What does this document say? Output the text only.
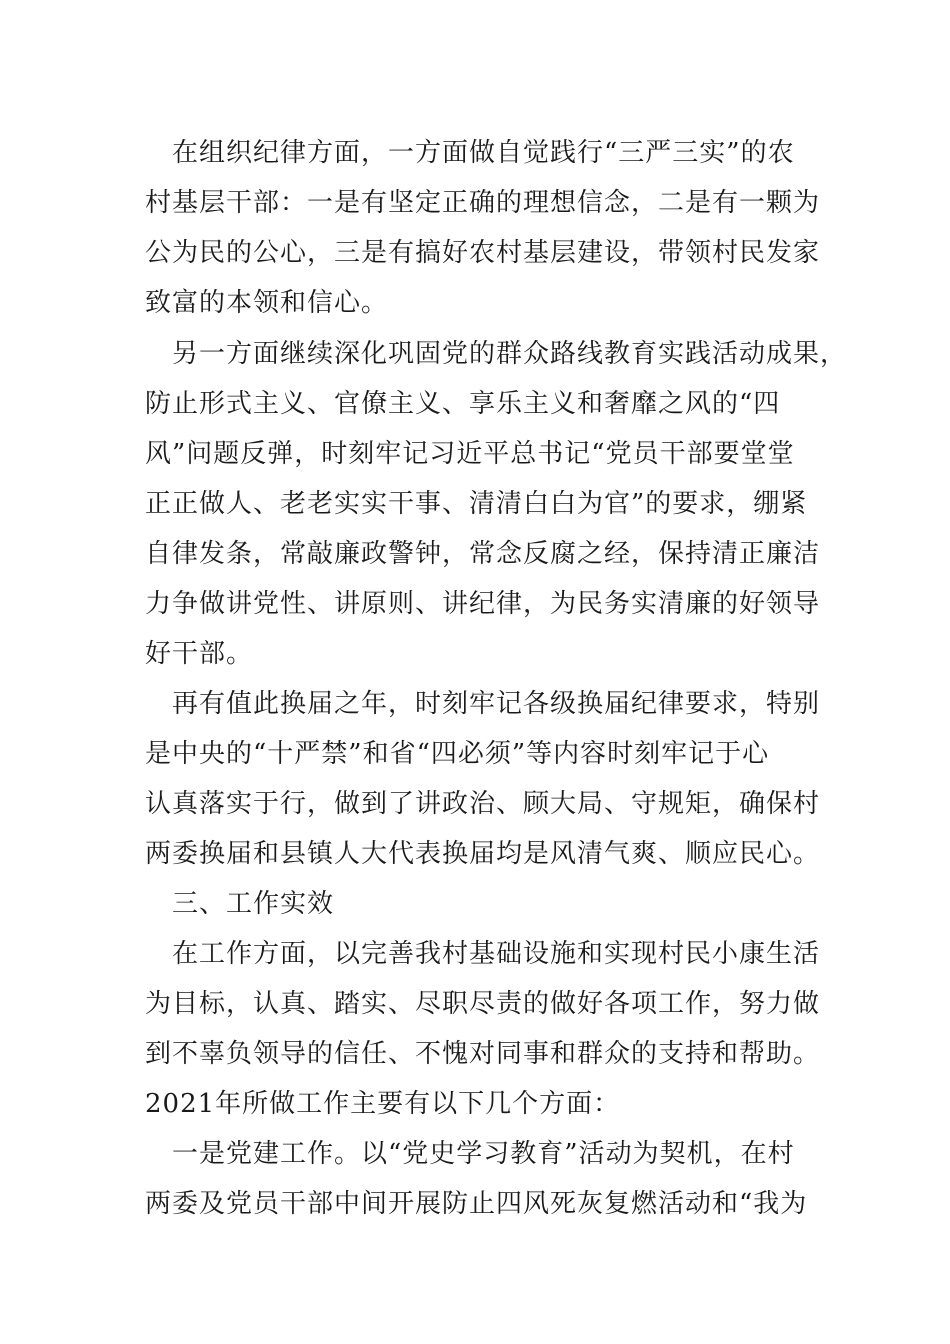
在组织纪律方面，一方面做自觉践行“三严三实”的农
村基层干部：一是有坚定正确的理想信念，二是有一颗为
公为民的公心，三是有搞好农村基层建设，带领村民发家
致富的本领和信心。
另一方面继续深化巩固党的群众路线教育实践活动成果，
防止形式主义、官僚主义、享乐主义和奢靡之风的“四
风”问题反弹，时刻牢记习近平总书记“党员干部要堂堂
正正做人、老老实实干事、清清白白为官”的要求，绷紧
自律发条，常敲廉政警钟，常念反腐之经，保持清正廉洁
力争做讲党性、讲原则、讲纪律，为民务实清廉的好领导
好干部。
再有值此换届之年，时刻牢记各级换届纪律要求，特别
是中央的“十严禁”和省“四必须”等内容时刻牢记于心
认真落实于行，做到了讲政治、顾大局、守规矩，确保村
两委换届和县镇人大代表换届均是风清气爽、顺应民心。
三、工作实效
在工作方面，以完善我村基础设施和实现村民小康生活
为目标，认真、踏实、尽职尽责的做好各项工作，努力做
到不辜负领导的信任、不愧对同事和群众的支持和帮助。
2021年所做工作主要有以下几个方面：
一是党建工作。以“党史学习教育”活动为契机，在村
两委及党员干部中间开展防止四风死灰复燃活动和“我为
